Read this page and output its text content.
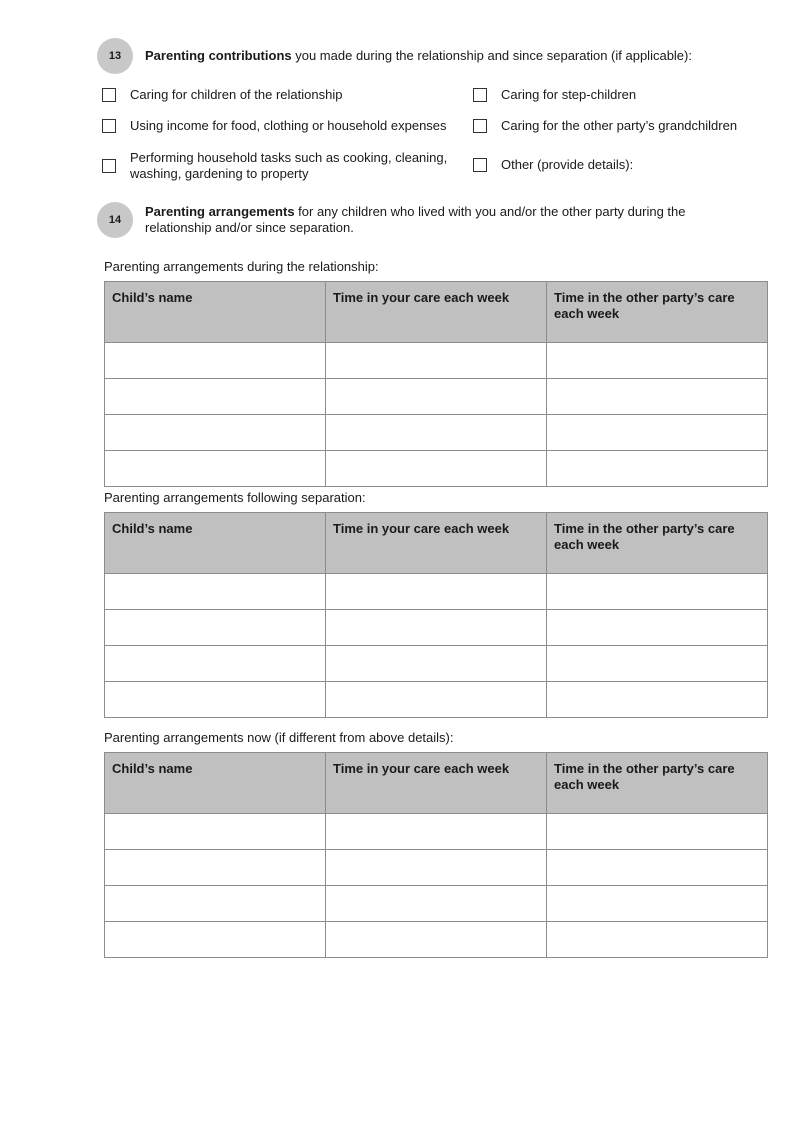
13	Parenting contributions you made during the relationship and since separation (if applicable):
Caring for children of the relationship	Caring for step-children
Using income for food, clothing or household expenses	Caring for the other party’s grandchildren
Performing household tasks such as cooking, cleaning, washing, gardening to property
Other (provide details):
14
Parenting arrangements for any children who lived with you and/or the other party during the relationship and/or since separation.
Parenting arrangements during the relationship:
Child’s name	Time in your care each week	Time in the other party’s care each week

Parenting arrangements following separation:
Child’s name	Time in your care each week	Time in the other party’s care each week

Parenting arrangements now (if different from above details):
Child’s name	Time in your care each week	Time in the other party’s care each week
